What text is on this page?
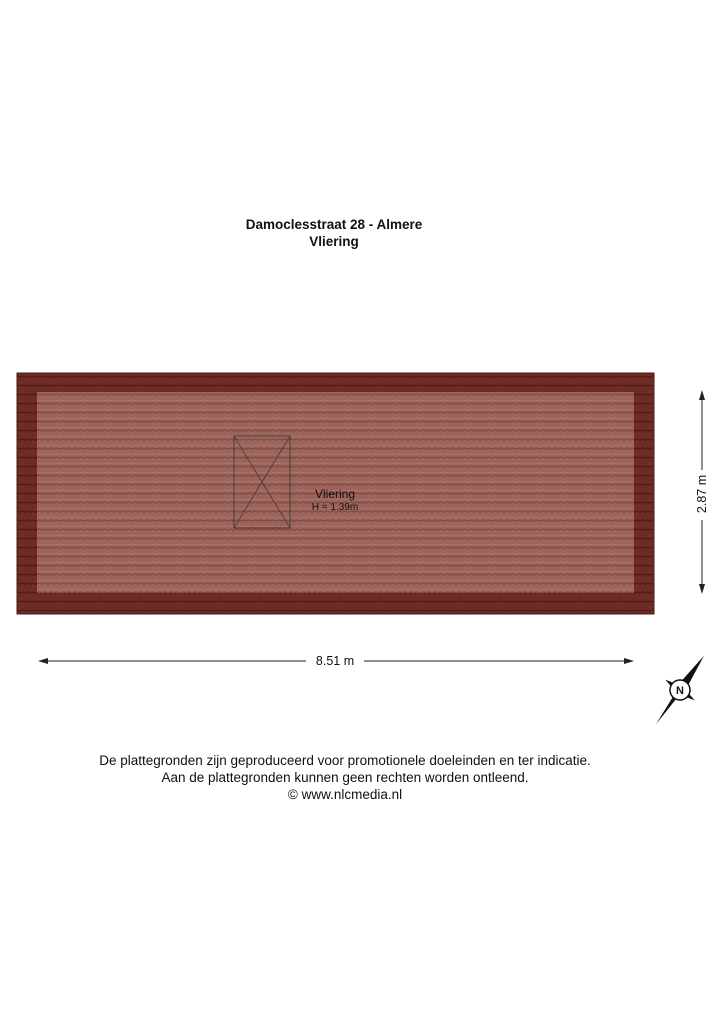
Damoclesstraat 28 - Almere
Vliering
Vliering
H = 1.39m
8.51 m
2.87 m
N
De plattegronden zijn geproduceerd voor promotionele doeleinden en ter indicatie.
Aan de plattegronden kunnen geen rechten worden ontleend.
© www.nlcmedia.nl
